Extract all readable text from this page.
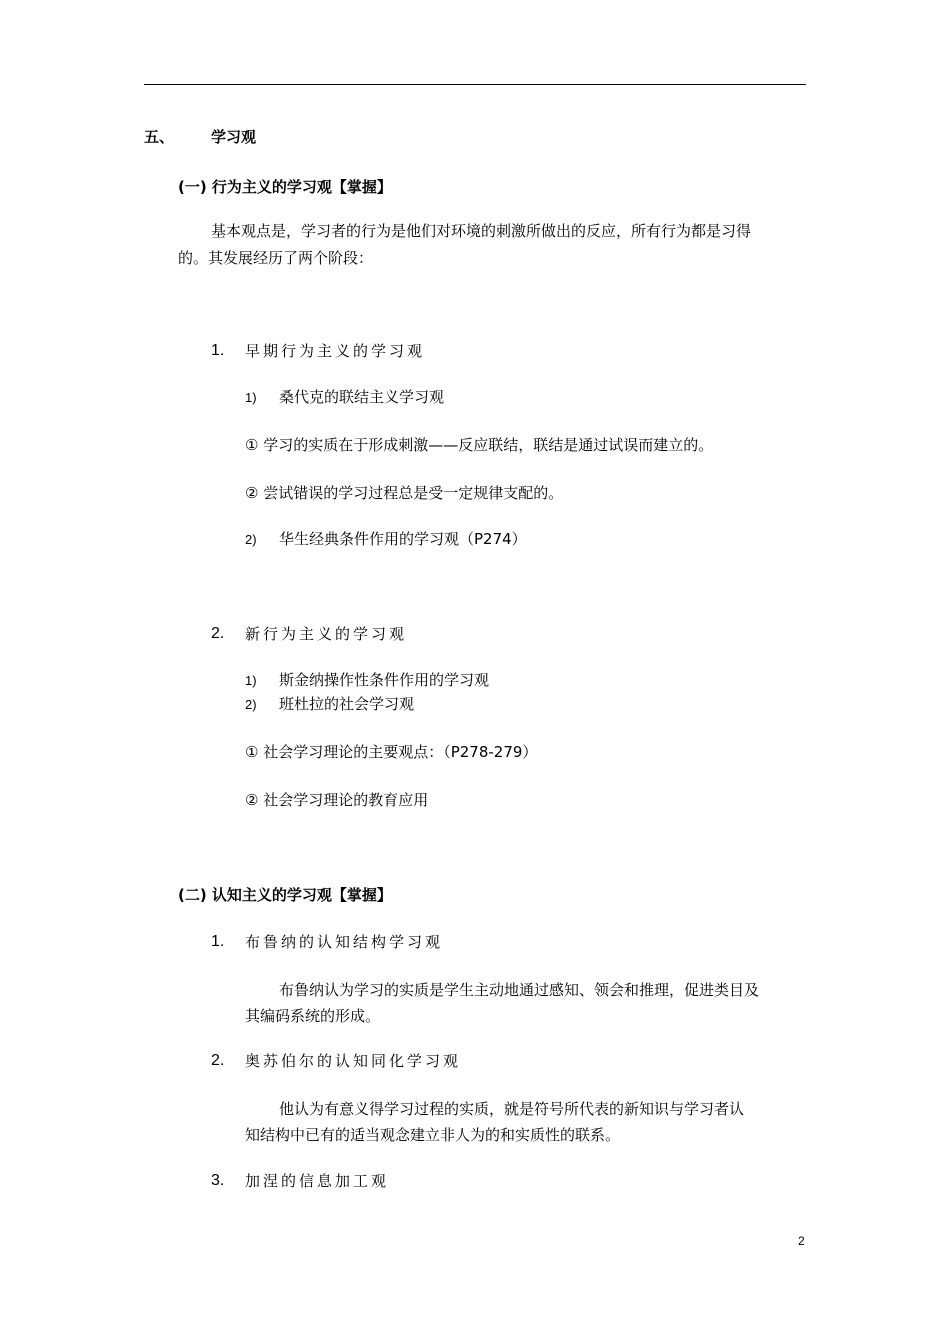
五、 学习观
(一) 行为主义的学习观【掌握】
基本观点是，学习者的行为是他们对环境的刺激所做出的反应，所有行为都是习得
的。其发展经历了两个阶段：
1. 早期行为主义的学习观
1) 桑代克的联结主义学习观
① 学习的实质在于形成刺激——反应联结，联结是通过试误而建立的。
② 尝试错误的学习过程总是受一定规律支配的。
2) 华生经典条件作用的学习观（P274）
2. 新行为主义的学习观
1) 斯金纳操作性条件作用的学习观
2) 班杜拉的社会学习观
① 社会学习理论的主要观点：（P278-279）
② 社会学习理论的教育应用
(二) 认知主义的学习观【掌握】
1. 布鲁纳的认知结构学习观
布鲁纳认为学习的实质是学生主动地通过感知、领会和推理，促进类目及
其编码系统的形成。
2. 奥苏伯尔的认知同化学习观
他认为有意义得学习过程的实质，就是符号所代表的新知识与学习者认
知结构中已有的适当观念建立非人为的和实质性的联系。
3. 加涅的信息加工观
2
